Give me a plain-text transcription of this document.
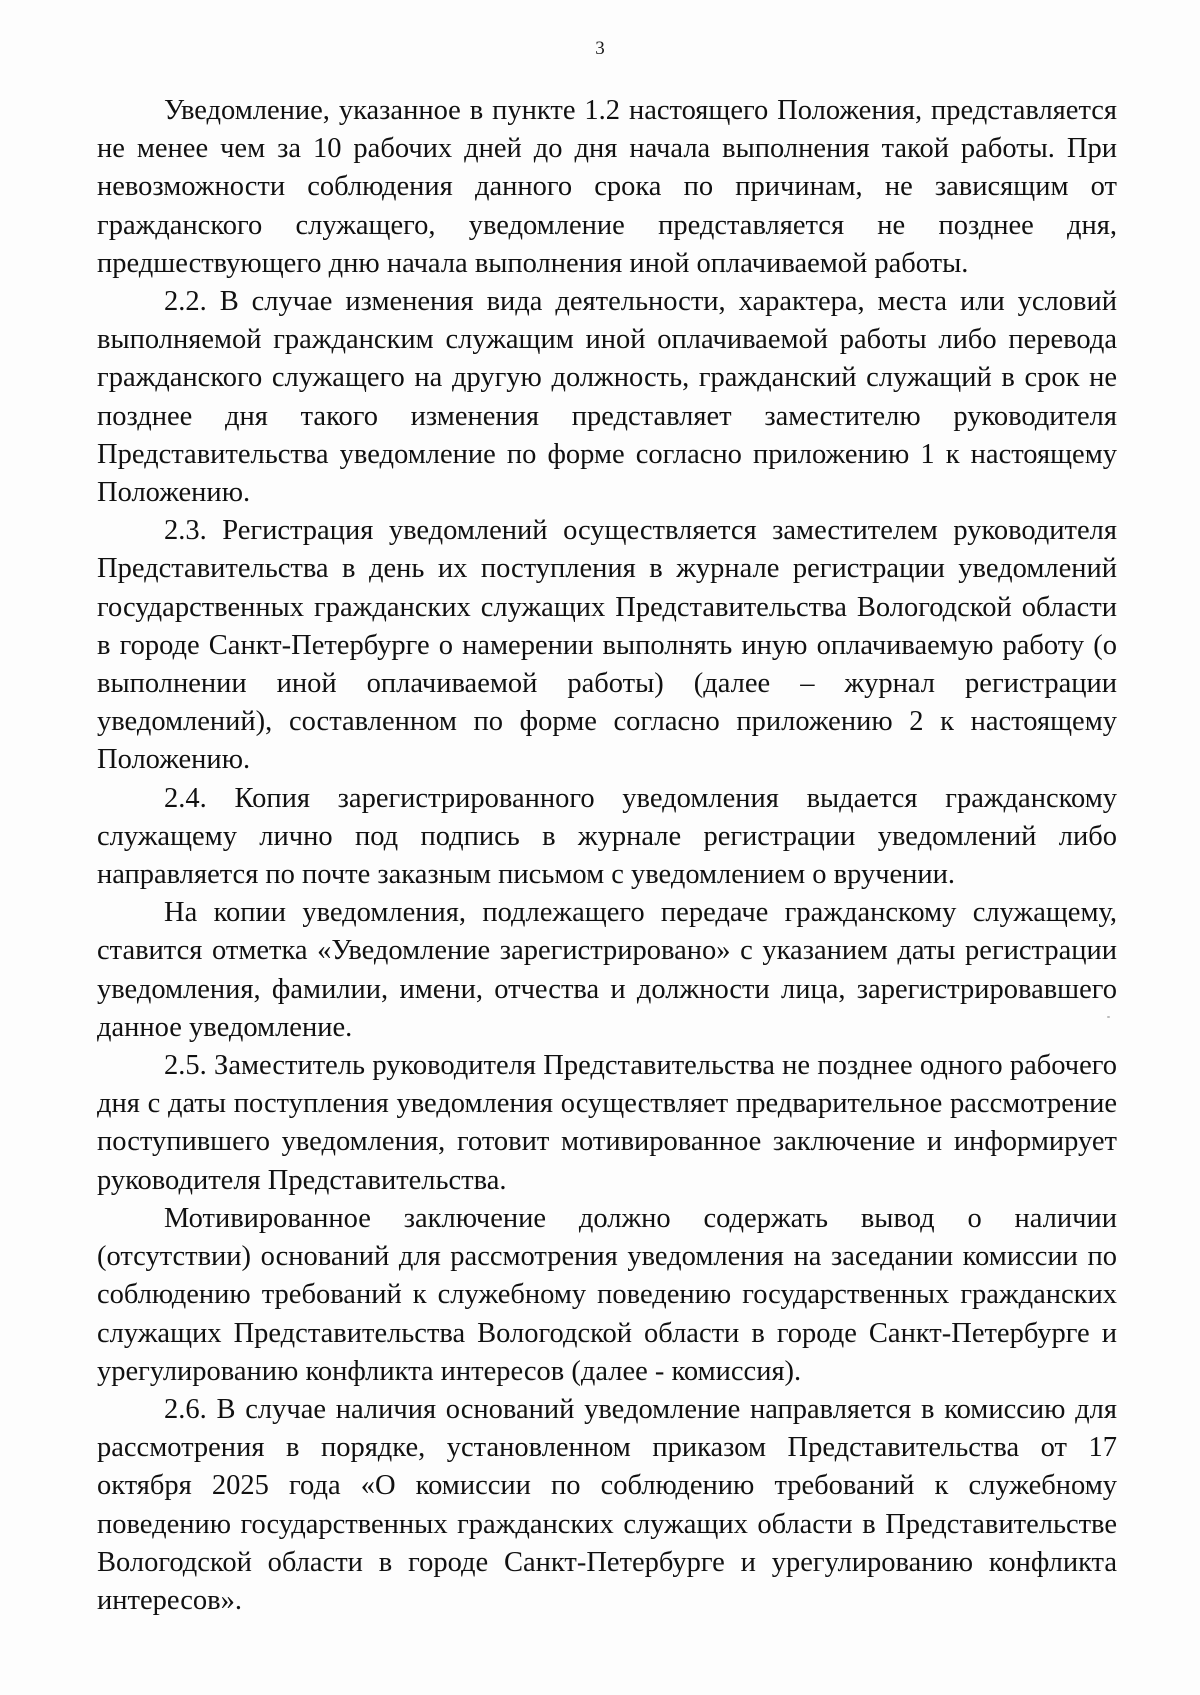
3

Уведомление, указанное в пункте 1.2 настоящего Положения, представляется не менее чем за 10 рабочих дней до дня начала выполнения такой работы. При невозможности соблюдения данного срока по причинам, не зависящим от гражданского служащего, уведомление представляется не позднее дня, предшествующего дню начала выполнения иной оплачиваемой работы.

2.2. В случае изменения вида деятельности, характера, места или условий выполняемой гражданским служащим иной оплачиваемой работы либо перевода гражданского служащего на другую должность, гражданский служащий в срок не позднее дня такого изменения представляет заместителю руководителя Представительства уведомление по форме согласно приложению 1 к настоящему Положению.

2.3. Регистрация уведомлений осуществляется заместителем руководителя Представительства в день их поступления в журнале регистрации уведомлений государственных гражданских служащих Представительства Вологодской области в городе Санкт-Петербурге о намерении выполнять иную оплачиваемую работу (о выполнении иной оплачиваемой работы) (далее – журнал регистрации уведомлений), составленном по форме согласно приложению 2 к настоящему Положению.

2.4. Копия зарегистрированного уведомления выдается гражданскому служащему лично под подпись в журнале регистрации уведомлений либо направляется по почте заказным письмом с уведомлением о вручении.

На копии уведомления, подлежащего передаче гражданскому служащему, ставится отметка «Уведомление зарегистрировано» с указанием даты регистрации уведомления, фамилии, имени, отчества и должности лица, зарегистрировавшего данное уведомление.

2.5. Заместитель руководителя Представительства не позднее одного рабочего дня с даты поступления уведомления осуществляет предварительное рассмотрение поступившего уведомления, готовит мотивированное заключение и информирует руководителя Представительства.

Мотивированное заключение должно содержать вывод о наличии (отсутствии) оснований для рассмотрения уведомления на заседании комиссии по соблюдению требований к служебному поведению государственных гражданских служащих Представительства Вологодской области в городе Санкт-Петербурге и урегулированию конфликта интересов (далее - комиссия).

2.6. В случае наличия оснований уведомление направляется в комиссию для рассмотрения в порядке, установленном приказом Представительства от 17 октября 2025 года «О комиссии по соблюдению требований к служебному поведению государственных гражданских служащих области в Представительстве Вологодской области в городе Санкт-Петербурге и урегулированию конфликта интересов».
